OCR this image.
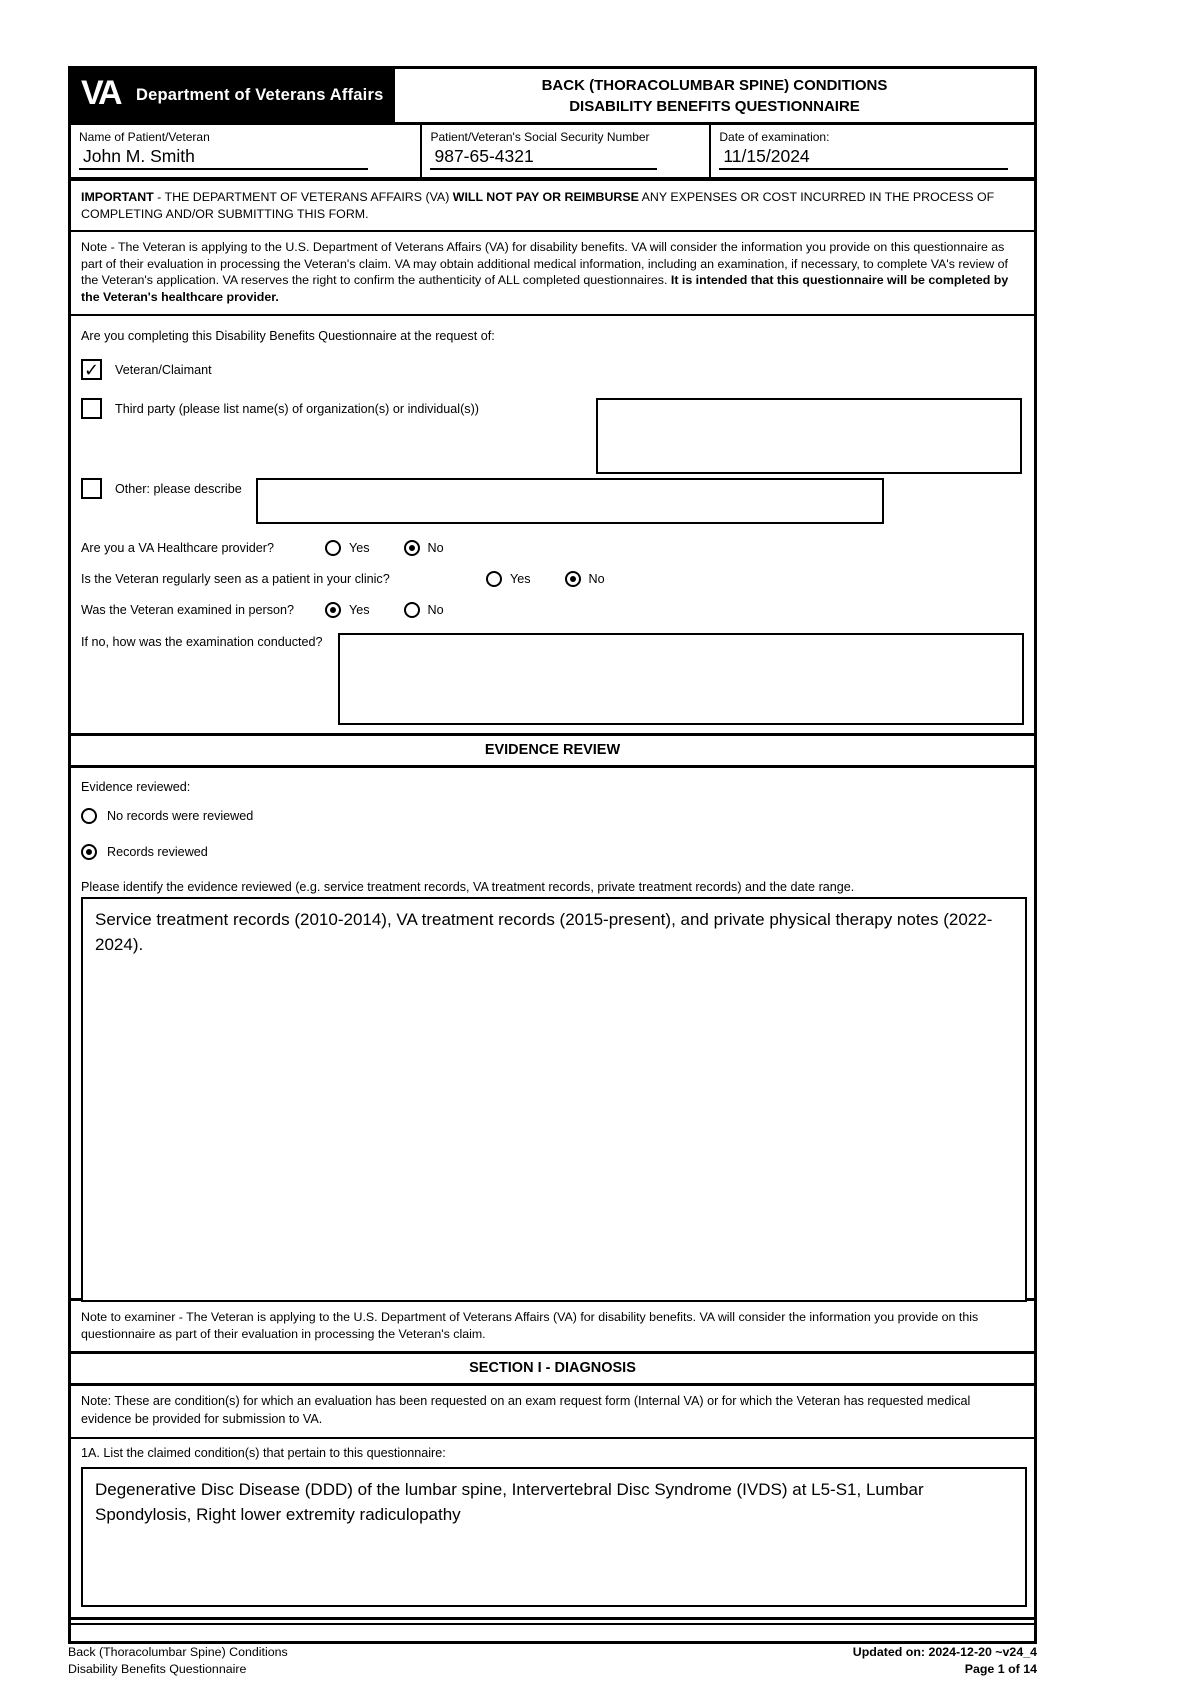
V
A Department of Veterans Affairs
BACK (THORACOLUMBAR SPINE) CONDITIONS
DISABILITY BENEFITS QUESTIONNAIRE
Name of Patient/Veteran
John M. Smith
Patient/Veteran's Social Security Number
987-65-4321
Date of examination:
11/15/2024
IMPORTANT - THE DEPARTMENT OF VETERANS AFFAIRS (VA) WILL NOT PAY OR REIMBURSE ANY EXPENSES OR COST INCURRED IN THE PROCESS OF COMPLETING AND/OR SUBMITTING THIS FORM.
Note - The Veteran is applying to the U.S. Department of Veterans Affairs (VA) for disability benefits. VA will consider the information you provide on this questionnaire as part of their evaluation in processing the Veteran's claim. VA may obtain additional medical information, including an examination, if necessary, to complete VA's review of the Veteran's application. VA reserves the right to confirm the authenticity of ALL completed questionnaires. It is intended that this questionnaire will be completed by the Veteran's healthcare provider.
Are you completing this Disability Benefits Questionnaire at the request of:
✓ Veteran/Claimant
Third party (please list name(s) of organization(s) or individual(s))
Other: please describe
Are you a VA Healthcare provider?	Yes	No
Is the Veteran regularly seen as a patient in your clinic?	Yes	No
Was the Veteran examined in person?	Yes	No
If no, how was the examination conducted?
EVIDENCE REVIEW
Evidence reviewed:
No records were reviewed
Records reviewed
Please identify the evidence reviewed (e.g. service treatment records, VA treatment records, private treatment records) and the date range.
Service treatment records (2010-2014), VA treatment records (2015-present), and private physical therapy notes (2022-2024).
Note to examiner - The Veteran is applying to the U.S. Department of Veterans Affairs (VA) for disability benefits. VA will consider the information you provide on this questionnaire as part of their evaluation in processing the Veteran's claim.
SECTION I - DIAGNOSIS
Note: These are condition(s) for which an evaluation has been requested on an exam request form (Internal VA) or for which the Veteran has requested medical evidence be provided for submission to VA.
1A. List the claimed condition(s) that pertain to this questionnaire:
Degenerative Disc Disease (DDD) of the lumbar spine, Intervertebral Disc Syndrome (IVDS) at L5-S1, Lumbar Spondylosis, Right lower extremity radiculopathy
Back (Thoracolumbar Spine) Conditions
Disability Benefits Questionnaire
Updated on: 2024-12-20 ~v24_4
Page 1 of 14
